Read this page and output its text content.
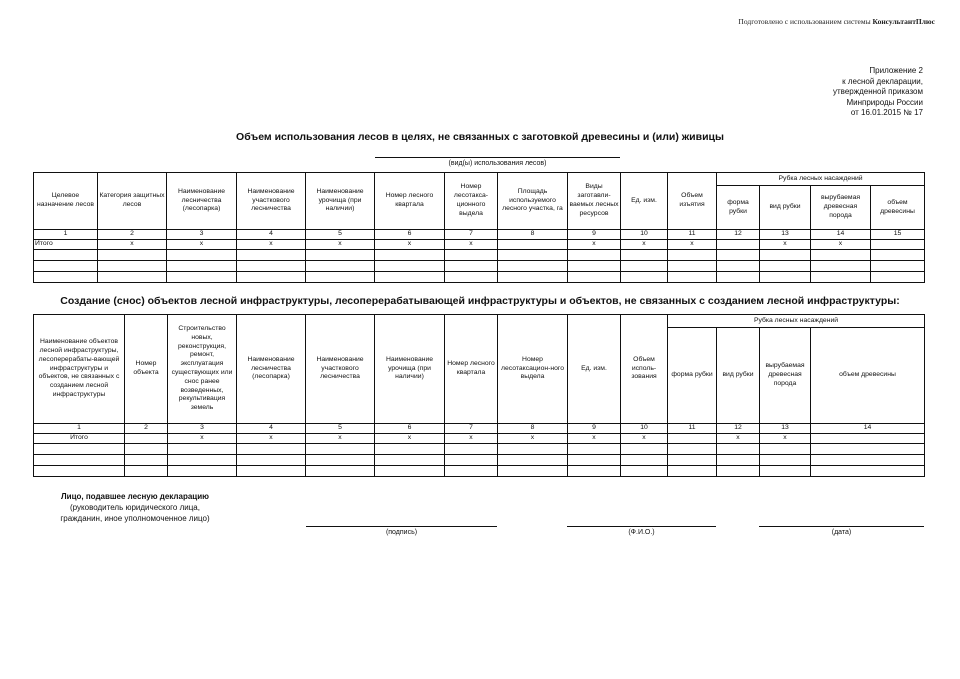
Подготовлено с использованием системы КонсультантПлюс
Приложение 2
к лесной декларации,
утвержденной приказом
Минприроды России
от 16.01.2015 № 17
Объем использования лесов в целях, не связанных с заготовкой древесины и (или) живицы
(вид(ы) использования лесов)
Целевое назначение лесов	Категория защитных лесов	Наименование лесничества (лесопарка)	Наименование участкового лесничества	Наименование урочища (при наличии)	Номер лесного квартала	Номер лесотакса-ционного выдела	Площадь используемого лесного участка, га	Виды заготавли-ваемых лесных ресурсов	Ед. изм.	Объем изъятия	Рубка лесных насаждений			
											форма рубки	вид рубки	вырубаемая древесная порода	объем древесины
1	2	3	4	5	6	7	8	9	10	11	12	13	14	15
Итого	x	x	x	x	x	x		x	x	x		x	x	

Создание (снос) объектов лесной инфраструктуры, лесоперерабатывающей инфраструктуры и объектов, не связанных с созданием лесной инфраструктуры:
Наименование объектов лесной инфраструктуры, лесоперерабаты-вающей инфраструктуры и объектов, не связанных с созданием лесной инфраструктуры	Номер объекта	Строительство новых, реконструкция, ремонт, эксплуатация существующих или снос ранее возведенных, рекультивация земель	Наименование лесничества (лесопарка)	Наименование участкового лесничества	Наименование урочища (при наличии)	Номер лесного квартала	Номер лесотаксацион-ного выдела	Ед. изм.	Объем исполь-зования	Рубка лесных насаждений			
										форма рубки	вид рубки	вырубаемая древесная порода	объем древесины
1	2	3	4	5	6	7	8	9	10	11	12	13	14
Итого		x	x	x	x	x	x	x	x		x	x	

Лицо, подавшее лесную декларацию
(руководитель юридического лица,
гражданин, иное уполномоченное лицо)
(подпись)	(Ф.И.О.)	(дата)
